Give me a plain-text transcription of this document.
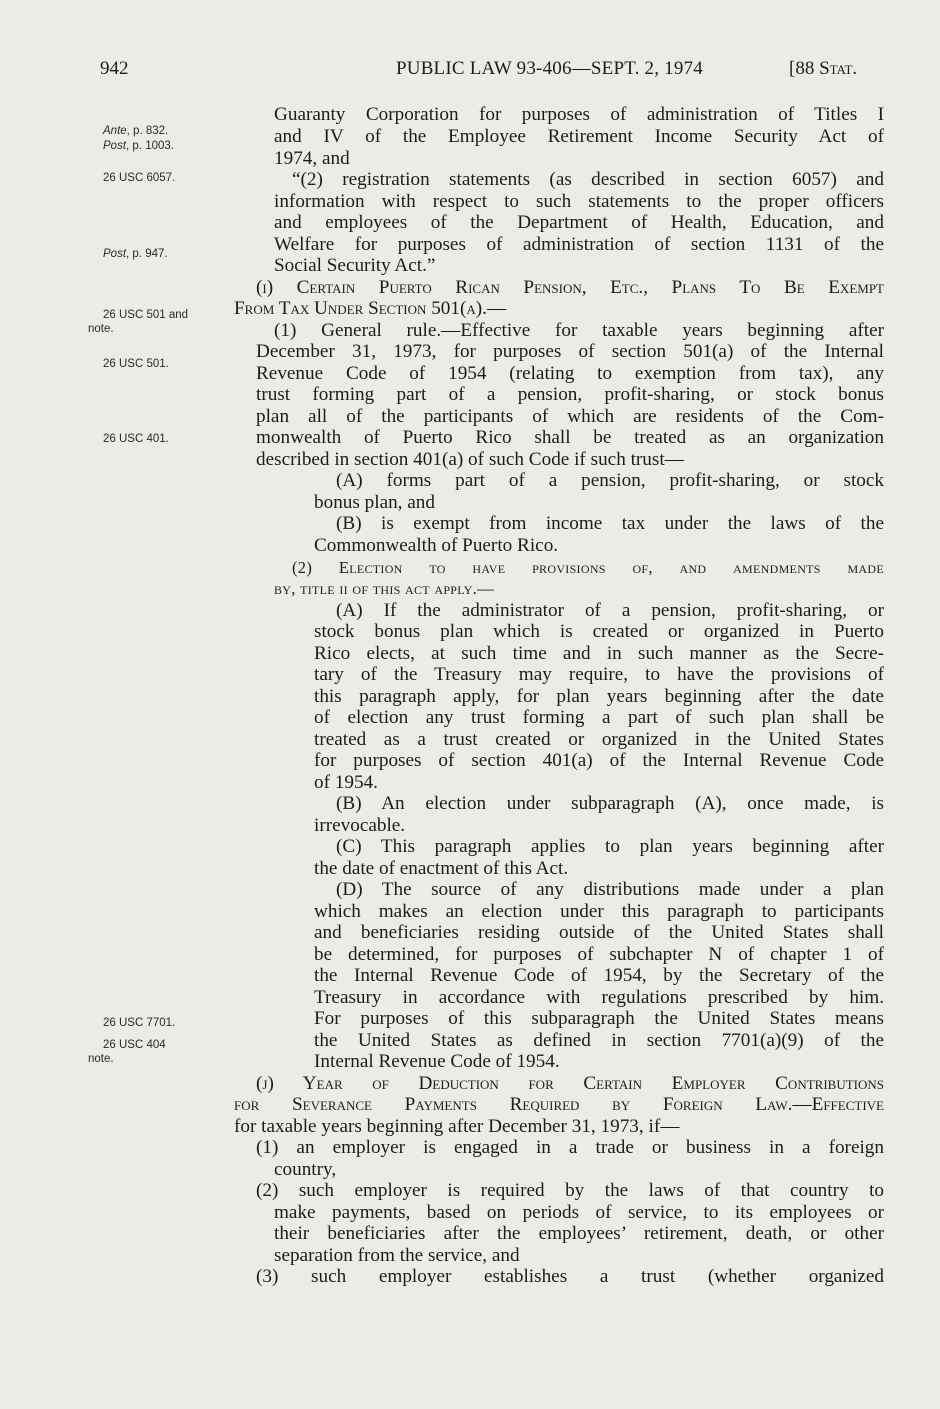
942	PUBLIC LAW 93-406—SEPT. 2, 1974	[88 Stat.
Ante, p. 832.
Post, p. 1003.
26 USC 6057.
Post, p. 947.
26 USC 501 and
note.
26 USC 501.
26 USC 401.
26 USC 7701.
26 USC 404
note.
Guaranty Corporation for purposes of administration of Titles I
and IV of the Employee Retirement Income Security Act of
1974, and
“(2) registration statements (as described in section 6057) and
information with respect to such statements to the proper officers
and employees of the Department of Health, Education, and
Welfare for purposes of administration of section 1131 of the
Social Security Act.”
(i) Certain Puerto Rican Pension, Etc., Plans To Be Exempt
From Tax Under Section 501(a).—
(1) General rule.—Effective for taxable years beginning after
December 31, 1973, for purposes of section 501(a) of the Internal
Revenue Code of 1954 (relating to exemption from tax), any
trust forming part of a pension, profit-sharing, or stock bonus
plan all of the participants of which are residents of the Com-
monwealth of Puerto Rico shall be treated as an organization
described in section 401(a) of such Code if such trust—
(A) forms part of a pension, profit-sharing, or stock
bonus plan, and
(B) is exempt from income tax under the laws of the
Commonwealth of Puerto Rico.
(2) Election to have provisions of, and amendments made
by, title ii of this act apply.—
(A) If the administrator of a pension, profit-sharing, or
stock bonus plan which is created or organized in Puerto
Rico elects, at such time and in such manner as the Secre-
tary of the Treasury may require, to have the provisions of
this paragraph apply, for plan years beginning after the date
of election any trust forming a part of such plan shall be
treated as a trust created or organized in the United States
for purposes of section 401(a) of the Internal Revenue Code
of 1954.
(B) An election under subparagraph (A), once made, is
irrevocable.
(C) This paragraph applies to plan years beginning after
the date of enactment of this Act.
(D) The source of any distributions made under a plan
which makes an election under this paragraph to participants
and beneficiaries residing outside of the United States shall
be determined, for purposes of subchapter N of chapter 1 of
the Internal Revenue Code of 1954, by the Secretary of the
Treasury in accordance with regulations prescribed by him.
For purposes of this subparagraph the United States means
the United States as defined in section 7701(a)(9) of the
Internal Revenue Code of 1954.
(j) Year of Deduction for Certain Employer Contributions
for Severance Payments Required by Foreign Law.—Effective
for taxable years beginning after December 31, 1973, if—
(1) an employer is engaged in a trade or business in a foreign
country,
(2) such employer is required by the laws of that country to
make payments, based on periods of service, to its employees or
their beneficiaries after the employees’ retirement, death, or other
separation from the service, and
(3) such employer establishes a trust (whether organized
